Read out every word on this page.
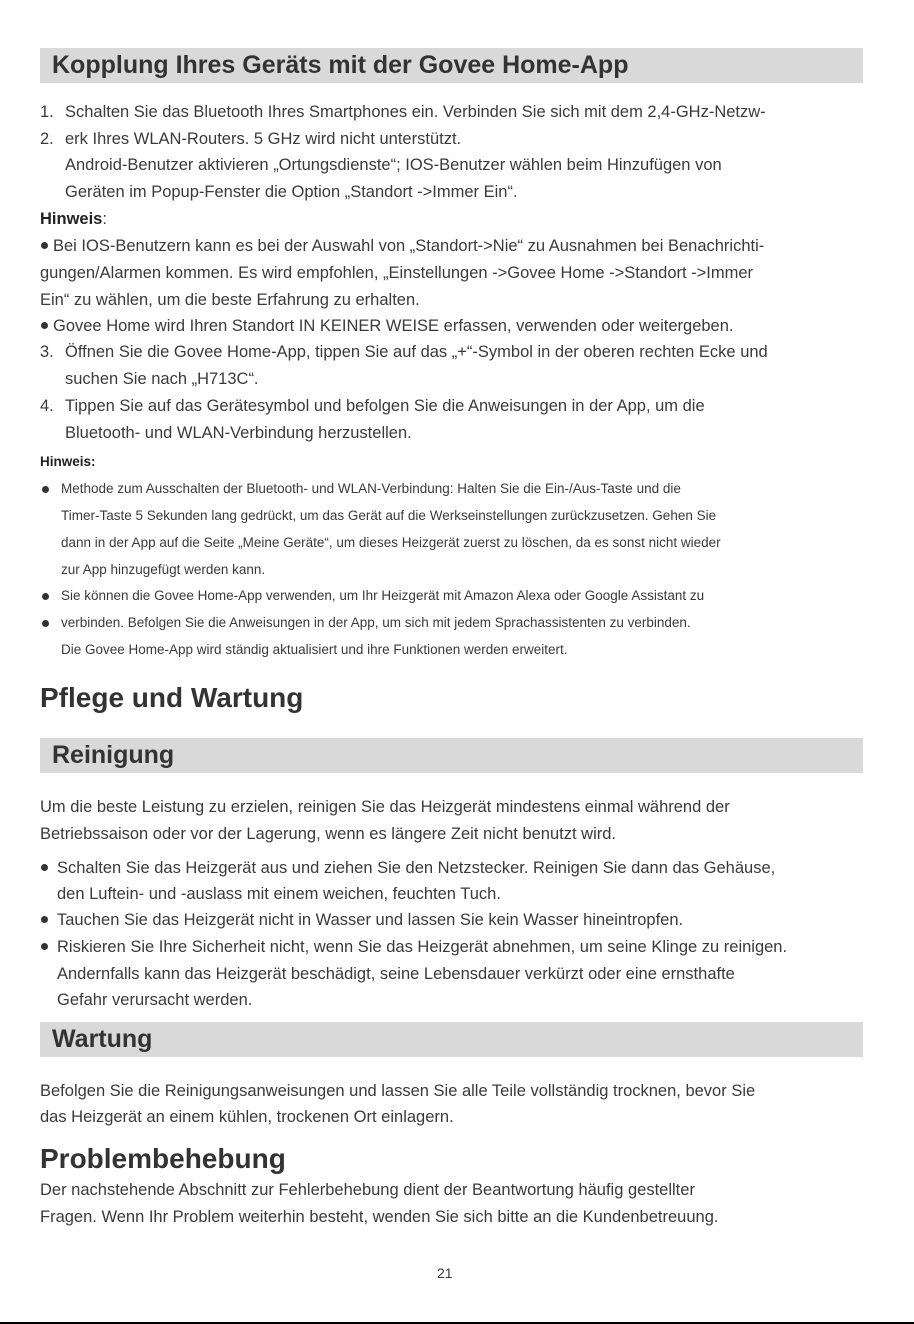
Kopplung Ihres Geräts mit der Govee Home-App
1. Schalten Sie das Bluetooth Ihres Smartphones ein. Verbinden Sie sich mit dem 2,4-GHz-Netzw-
2. erk Ihres WLAN-Routers. 5 GHz wird nicht unterstützt.
Android-Benutzer aktivieren „Ortungsdienste“; IOS-Benutzer wählen beim Hinzufügen von
Geräten im Popup-Fenster die Option „Standort ->Immer Ein“.
Hinweis:
Bei IOS-Benutzern kann es bei der Auswahl von „Standort->Nie“ zu Ausnahmen bei Benachrichti-
gungen/Alarmen kommen. Es wird empfohlen, „Einstellungen ->Govee Home ->Standort ->Immer
Ein“ zu wählen, um die beste Erfahrung zu erhalten.
Govee Home wird Ihren Standort IN KEINER WEISE erfassen, verwenden oder weitergeben.
3. Öffnen Sie die Govee Home-App, tippen Sie auf das „+“-Symbol in der oberen rechten Ecke und
suchen Sie nach „H713C“.
4. Tippen Sie auf das Gerätesymbol und befolgen Sie die Anweisungen in der App, um die
Bluetooth- und WLAN-Verbindung herzustellen.
Hinweis:
Methode zum Ausschalten der Bluetooth- und WLAN-Verbindung: Halten Sie die Ein-/Aus-Taste und die
Timer-Taste 5 Sekunden lang gedrückt, um das Gerät auf die Werkseinstellungen zurückzusetzen. Gehen Sie
dann in der App auf die Seite „Meine Geräte“, um dieses Heizgerät zuerst zu löschen, da es sonst nicht wieder
zur App hinzugefügt werden kann.
Sie können die Govee Home-App verwenden, um Ihr Heizgerät mit Amazon Alexa oder Google Assistant zu
verbinden. Befolgen Sie die Anweisungen in der App, um sich mit jedem Sprachassistenten zu verbinden.
Die Govee Home-App wird ständig aktualisiert und ihre Funktionen werden erweitert.
Pflege und Wartung
Reinigung
Um die beste Leistung zu erzielen, reinigen Sie das Heizgerät mindestens einmal während der
Betriebssaison oder vor der Lagerung, wenn es längere Zeit nicht benutzt wird.
Schalten Sie das Heizgerät aus und ziehen Sie den Netzstecker. Reinigen Sie dann das Gehäuse,
den Luftein- und -auslass mit einem weichen, feuchten Tuch.
Tauchen Sie das Heizgerät nicht in Wasser und lassen Sie kein Wasser hineintropfen.
Riskieren Sie Ihre Sicherheit nicht, wenn Sie das Heizgerät abnehmen, um seine Klinge zu reinigen.
Andernfalls kann das Heizgerät beschädigt, seine Lebensdauer verkürzt oder eine ernsthafte
Gefahr verursacht werden.
Wartung
Befolgen Sie die Reinigungsanweisungen und lassen Sie alle Teile vollständig trocknen, bevor Sie
das Heizgerät an einem kühlen, trockenen Ort einlagern.
Problembehebung
Der nachstehende Abschnitt zur Fehlerbehebung dient der Beantwortung häufig gestellter
Fragen. Wenn Ihr Problem weiterhin besteht, wenden Sie sich bitte an die Kundenbetreuung.
21
